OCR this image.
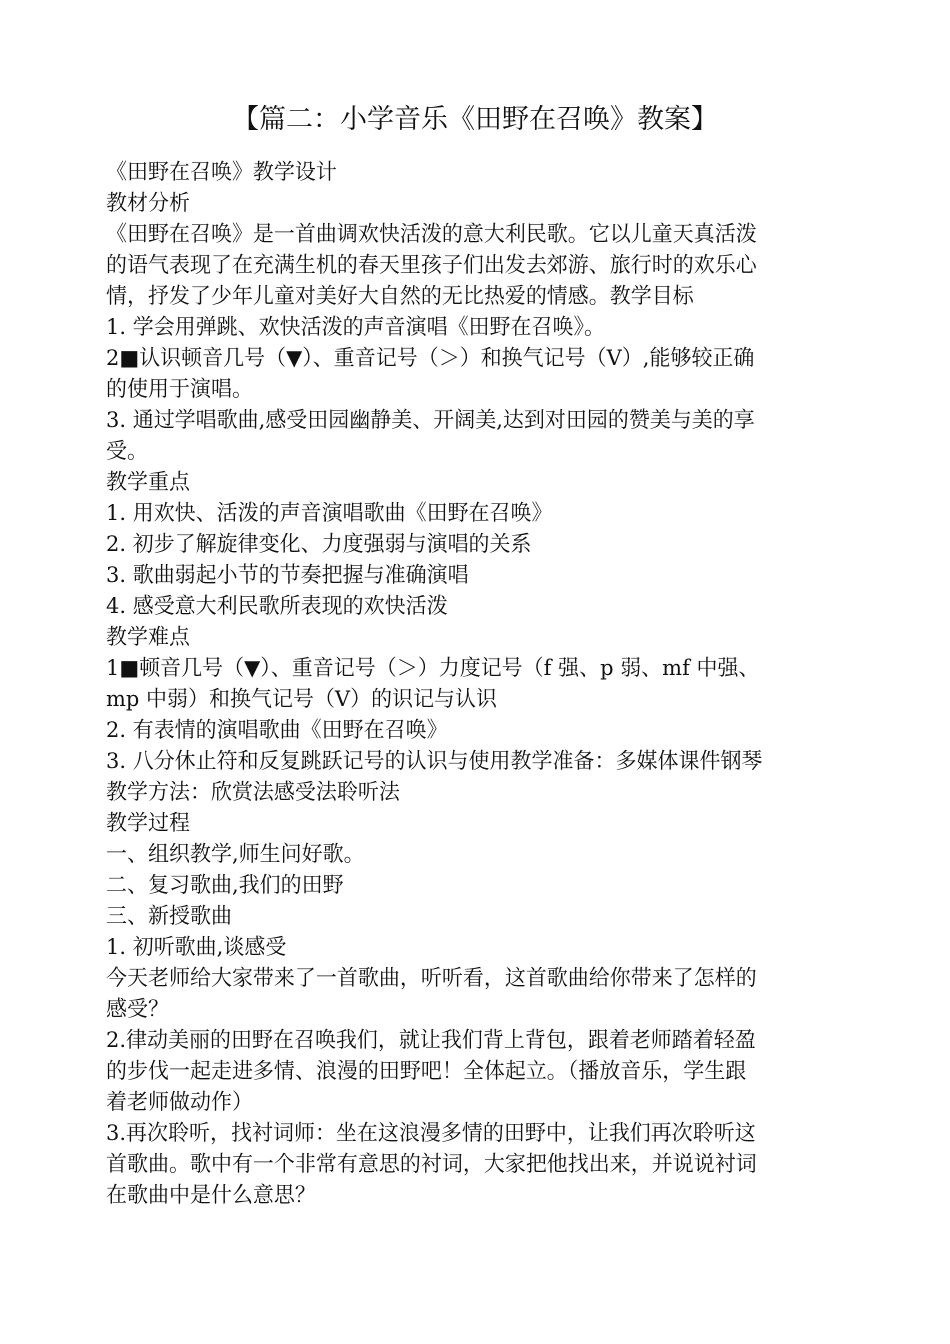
【篇二：小学音乐《田野在召唤》教案】
《田野在召唤》教学设计
教材分析
《田野在召唤》是一首曲调欢快活泼的意大利民歌。它以儿童天真活泼
的语气表现了在充满生机的春天里孩子们出发去郊游、旅行时的欢乐心
情，抒发了少年儿童对美好大自然的无比热爱的情感。教学目标
1. 学会用弹跳、欢快活泼的声音演唱《田野在召唤》。
2■认识顿音几号（▼）、重音记号（＞）和换气记号（V）,能够较正确
的使用于演唱。
3. 通过学唱歌曲,感受田园幽静美、开阔美,达到对田园的赞美与美的享
受。
教学重点
1. 用欢快、活泼的声音演唱歌曲《田野在召唤》
2. 初步了解旋律变化、力度强弱与演唱的关系
3. 歌曲弱起小节的节奏把握与准确演唱
4. 感受意大利民歌所表现的欢快活泼
教学难点
1■顿音几号（▼）、重音记号（＞）力度记号（f 强、p 弱、mf 中强、
mp 中弱）和换气记号（V）的识记与认识
2. 有表情的演唱歌曲《田野在召唤》
3. 八分休止符和反复跳跃记号的认识与使用教学准备：多媒体课件钢琴
教学方法：欣赏法感受法聆听法
教学过程
一、组织教学,师生问好歌。
二、复习歌曲,我们的田野
三、新授歌曲
1. 初听歌曲,谈感受
今天老师给大家带来了一首歌曲，听听看，这首歌曲给你带来了怎样的
感受？
2.律动美丽的田野在召唤我们，就让我们背上背包，跟着老师踏着轻盈
的步伐一起走进多情、浪漫的田野吧！全体起立。（播放音乐，学生跟
着老师做动作）
3.再次聆听，找衬词师：坐在这浪漫多情的田野中，让我们再次聆听这
首歌曲。歌中有一个非常有意思的衬词，大家把他找出来，并说说衬词
在歌曲中是什么意思？
